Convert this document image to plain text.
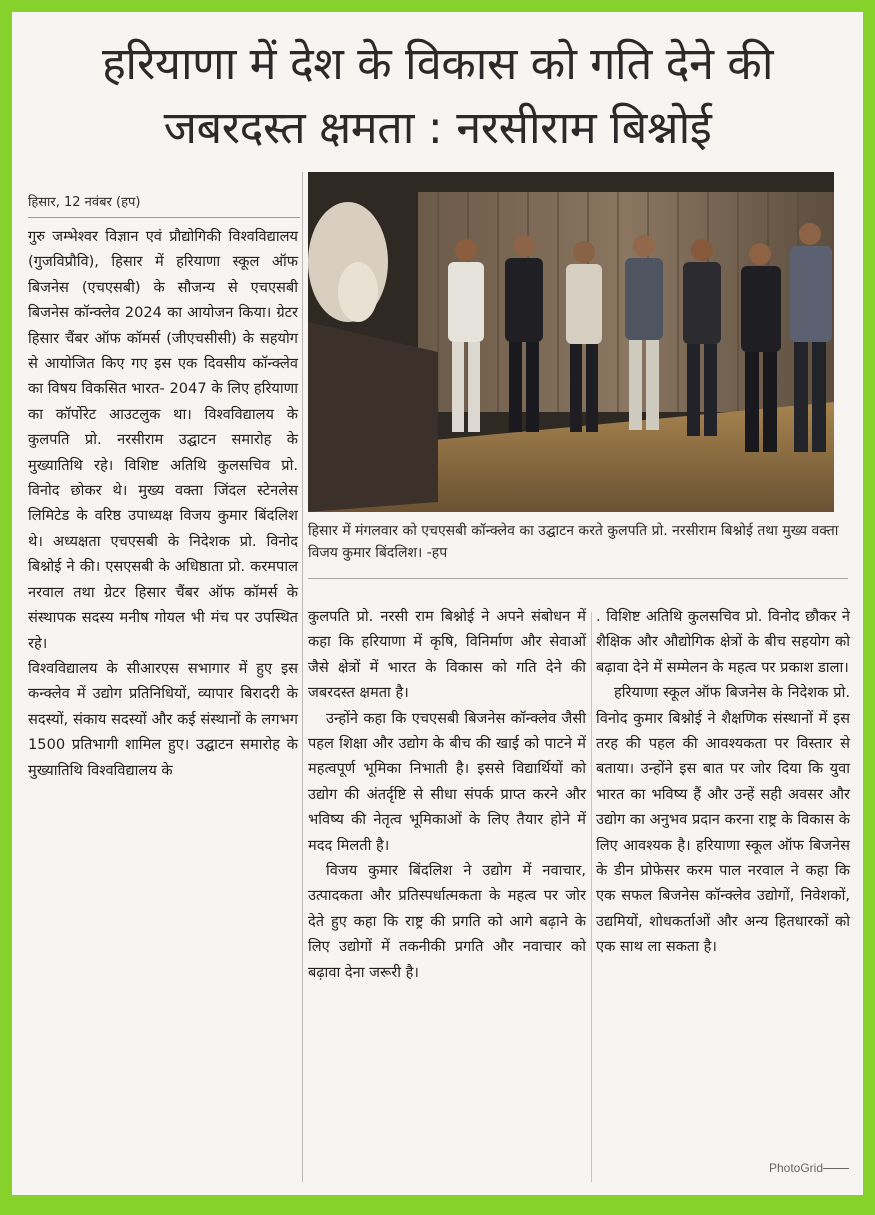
हरियाणा में देश के विकास को गति देने की
जबरदस्त क्षमता : नरसीराम बिश्नोई
हिसार, 12 नवंबर (हप)

गुरु जम्भेश्वर विज्ञान एवं प्रौद्योगिकी विश्वविद्यालय (गुजविप्रौवि), हिसार में हरियाणा स्कूल ऑफ बिजनेस (एचएसबी) के सौजन्य से एचएसबी बिजनेस कॉन्क्लेव 2024 का आयोजन किया। ग्रेटर हिसार चैंबर ऑफ कॉमर्स (जीएचसीसी) के सहयोग से आयोजित किए गए इस एक दिवसीय कॉन्क्लेव का विषय विकसित भारत- 2047 के लिए हरियाणा का कॉर्पोरेट आउटलुक था। विश्वविद्यालय के कुलपति प्रो. नरसीराम उद्घाटन समारोह के मुख्यातिथि रहे। विशिष्ट अतिथि कुलसचिव प्रो. विनोद छोकर थे। मुख्य वक्ता जिंदल स्टेनलेस लिमिटेड के वरिष्ठ उपाध्यक्ष विजय कुमार बिंदलिश थे। अध्यक्षता एचएसबी के निदेशक प्रो. विनोद बिश्नोई ने की। एसएसबी के अधिष्ठाता प्रो. करमपाल नरवाल तथा ग्रेटर हिसार चैंबर ऑफ कॉमर्स के संस्थापक सदस्य मनीष गोयल भी मंच पर उपस्थित रहे।

विश्वविद्यालय के सीआरएस सभागार में हुए इस कन्क्लेव में उद्योग प्रतिनिधियों, व्यापार बिरादरी के सदस्यों, संकाय सदस्यों और कई संस्थानों के लगभग 1500 प्रतिभागी शामिल हुए। उद्घाटन समारोह के मुख्यातिथि विश्वविद्यालय के

हिसार में मंगलवार को एचएसबी कॉन्क्लेव का उद्घाटन करते कुलपति प्रो. नरसीराम बिश्नोई तथा मुख्य वक्ता विजय कुमार बिंदलिश। -हप

कुलपति प्रो. नरसी राम बिश्नोई ने अपने संबोधन में कहा कि हरियाणा में कृषि, विनिर्माण और सेवाओं जैसे क्षेत्रों में भारत के विकास को गति देने की जबरदस्त क्षमता है।

उन्होंने कहा कि एचएसबी बिजनेस कॉन्क्लेव जैसी पहल शिक्षा और उद्योग के बीच की खाई को पाटने में महत्वपूर्ण भूमिका निभाती है। इससे विद्यार्थियों को उद्योग की अंतर्दृष्टि से सीधा संपर्क प्राप्त करने और भविष्य की नेतृत्व भूमिकाओं के लिए तैयार होने में मदद मिलती है।

विजय कुमार बिंदलिश ने उद्योग में नवाचार, उत्पादकता और प्रतिस्पर्धात्मकता के महत्व पर जोर देते हुए कहा कि राष्ट्र की प्रगति को आगे बढ़ाने के लिए उद्योगों में तकनीकी प्रगति और नवाचार को बढ़ावा देना जरूरी है।

. विशिष्ट अतिथि कुलसचिव प्रो. विनोद छौकर ने शैक्षिक और औद्योगिक क्षेत्रों के बीच सहयोग को बढ़ावा देने में सम्मेलन के महत्व पर प्रकाश डाला।

हरियाणा स्कूल ऑफ बिजनेस के निदेशक प्रो. विनोद कुमार बिश्नोई ने शैक्षणिक संस्थानों में इस तरह की पहल की आवश्यकता पर विस्तार से बताया। उन्होंने इस बात पर जोर दिया कि युवा भारत का भविष्य हैं और उन्हें सही अवसर और उद्योग का अनुभव प्रदान करना राष्ट्र के विकास के लिए आवश्यक है। हरियाणा स्कूल ऑफ बिजनेस के डीन प्रोफेसर करम पाल नरवाल ने कहा कि एक सफल बिजनेस कॉन्क्लेव उद्योगों, निवेशकों, उद्यमियों, शोधकर्ताओं और अन्य हितधारकों को एक साथ ला सकता है।

PhotoGrid
